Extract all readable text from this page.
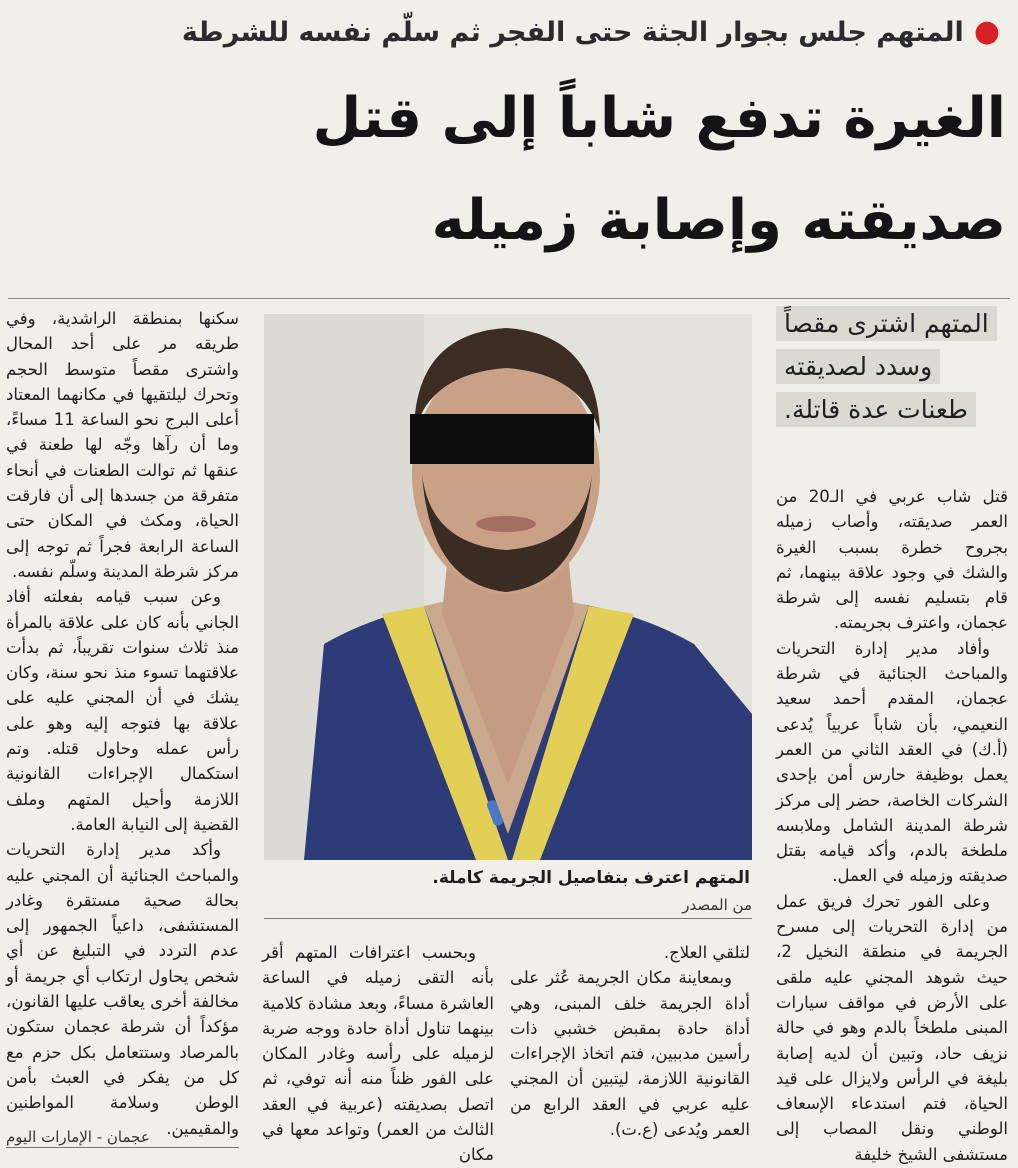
●المتهم جلس بجوار الجثة حتى الفجر ثم سلّم نفسه للشرطة
الغيرة تدفع شاباً إلى قتل
صديقته وإصابة زميله
المتهم اشترى مقصاً
وسدد لصديقته
طعنات عدة قاتلة.

قتل شاب عربي في الـ20 من العمر صديقته، وأصاب زميله بجروح خطرة بسبب الغيرة والشك في وجود علاقة بينهما، ثم قام بتسليم نفسه إلى شرطة عجمان، واعترف بجريمته.

وأفاد مدير إدارة التحريات والمباحث الجنائية في شرطة عجمان، المقدم أحمد سعيد النعيمي، بأن شاباً عربياً يُدعى (أ.ك) في العقد الثاني من العمر يعمل بوظيفة حارس أمن بإحدى الشركات الخاصة، حضر إلى مركز شرطة المدينة الشامل وملابسه ملطخة بالدم، وأكد قيامه بقتل صديقته وزميله في العمل.

وعلى الفور تحرك فريق عمل من إدارة التحريات إلى مسرح الجريمة في منطقة النخيل 2، حيث شوهد المجني عليه ملقى على الأرض في مواقف سيارات المبنى ملطخاً بالدم وهو في حالة نزيف حاد، وتبين أن لديه إصابة بليغة في الرأس ولايزال على قيد الحياة، فتم استدعاء الإسعاف الوطني ونقل المصاب إلى مستشفى الشيخ خليفة

المتهم اعترف بتفاصيل الجريمة كاملة.
من المصدر

لتلقي العلاج.

وبمعاينة مكان الجريمة عُثر على أداة الجريمة خلف المبنى، وهي أداة حادة بمقبض خشبي ذات رأسين مدببين، فتم اتخاذ الإجراءات القانونية اللازمة، ليتبين أن المجني عليه عربي في العقد الرابع من العمر ويُدعى (ع.ت).

وبحسب اعترافات المتهم أقر بأنه التقى زميله في الساعة العاشرة مساءً، وبعد مشادة كلامية بينهما تناول أداة حادة ووجه ضربة لزميله على رأسه وغادر المكان على الفور ظناً منه أنه توفي، ثم اتصل بصديقته (عربية في العقد الثالث من العمر) وتواعد معها في مكان

سكنها بمنطقة الراشدية، وفي طريقه مر على أحد المحال واشترى مقصاً متوسط الحجم وتحرك ليلتقيها في مكانهما المعتاد أعلى البرج نحو الساعة 11 مساءً، وما أن رآها وجّه لها طعنة في عنقها ثم توالت الطعنات في أنحاء متفرقة من جسدها إلى أن فارقت الحياة، ومكث في المكان حتى الساعة الرابعة فجراً ثم توجه إلى مركز شرطة المدينة وسلّم نفسه.

وعن سبب قيامه بفعلته أفاد الجاني بأنه كان على علاقة بالمرأة منذ ثلاث سنوات تقريباً، ثم بدأت علاقتهما تسوء منذ نحو سنة، وكان يشك في أن المجني عليه على علاقة بها فتوجه إليه وهو على رأس عمله وحاول قتله. وتم استكمال الإجراءات القانونية اللازمة وأحيل المتهم وملف القضية إلى النيابة العامة.

وأكد مدير إدارة التحريات والمباحث الجنائية أن المجني عليه بحالة صحية مستقرة وغادر المستشفى، داعياً الجمهور إلى عدم التردد في التبليغ عن أي شخص يحاول ارتكاب أي جريمة أو مخالفة أخرى يعاقب عليها القانون، مؤكداً أن شرطة عجمان ستكون بالمرصاد وستتعامل بكل حزم مع كل من يفكر في العبث بأمن الوطن وسلامة المواطنين والمقيمين.

عجمان - الإمارات اليوم
